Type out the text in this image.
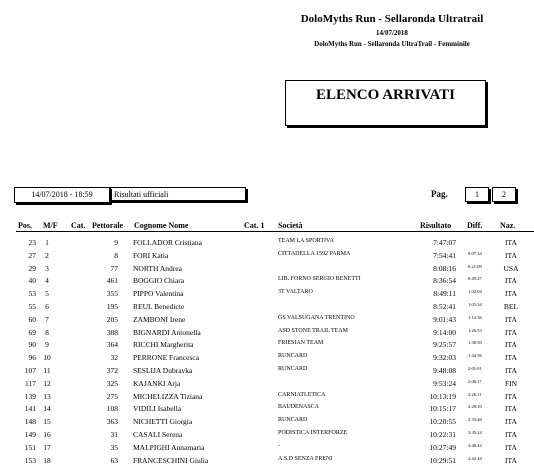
DoloMyths Run - Sellaronda Ultratrail
14/07/2018
DoloMyths Run - Sellaronda UltraTrail - Femminile
ELENCO ARRIVATI
14/07/2018 - 18:59	Risultati ufficiali	Pag.	1	2
Pos. M/F Cat. Pettorale Cognome Nome	Cat. 1 Società	Risultato Diff. Naz.
23	1	9 FOLLADOR Cristiana	TEAM LA SPORTIVA	7:47:07	ITA
27	2	8 FORI Katia	CITTADELLA 1592 PARMA	7:54:41	0:07:34	ITA
29	3	77 NORTH Andrea	8:08:16	0:21:09	USA
40	4	461 BOGGIO Chiara	LIB. FORNO SERGIO BENETTI	8:36:54	0:49:47	ITA
53	5	355 PIPPO Valentina	3T VALTARO	8:49:11	1:02:04	ITA
55	6	195 REUL Benedicte	8:52:41	1:05:34	BEL
60	7	205 ZAMBONI Irene	GS VALSUGANA TRENTINO	9:01:43	1:14:36	ITA
69	8	388 BIGNARDI Antonella	ASD STONE TRAIL TEAM	9:14:00	1:26:53	ITA
90	9	364 RICCHI Margherita	FRIESIAN TEAM	9:25:57	1:38:50	ITA
96 10	32 PERRONE Francesca	RUNCARD	9:32:03	1:44:56	ITA
107 11	372 SESLIJA Dubravka	RUNCARD	9:48:08	2:01:01	ITA
117 12	325 KAJANKI Arja	9:53:24	2:06:17	FIN
139 13	275 MICHELIZZA Tiziana	CARNIATLETICA	10:13:19	2:26:11	ITA
141 14	108 VIDILI Isabella	BAUDENASCA	10:15:17	2:28:10	ITA
148 15	363 NICHETTI Giorgia	RUNCARD	10:20:55	2:33:48	ITA
149 16	31 CASALI Serena	PODISTICA INTERFORZE	10:22:31	2:35:24	ITA
151 17	35 MALPIGHI Annamaria	-	10:27:49	2:40:42	ITA
153 18	63 FRANCESCHINI Giulia	A.S.D SENZA FRENI	10:29:51	2:42:44	ITA
